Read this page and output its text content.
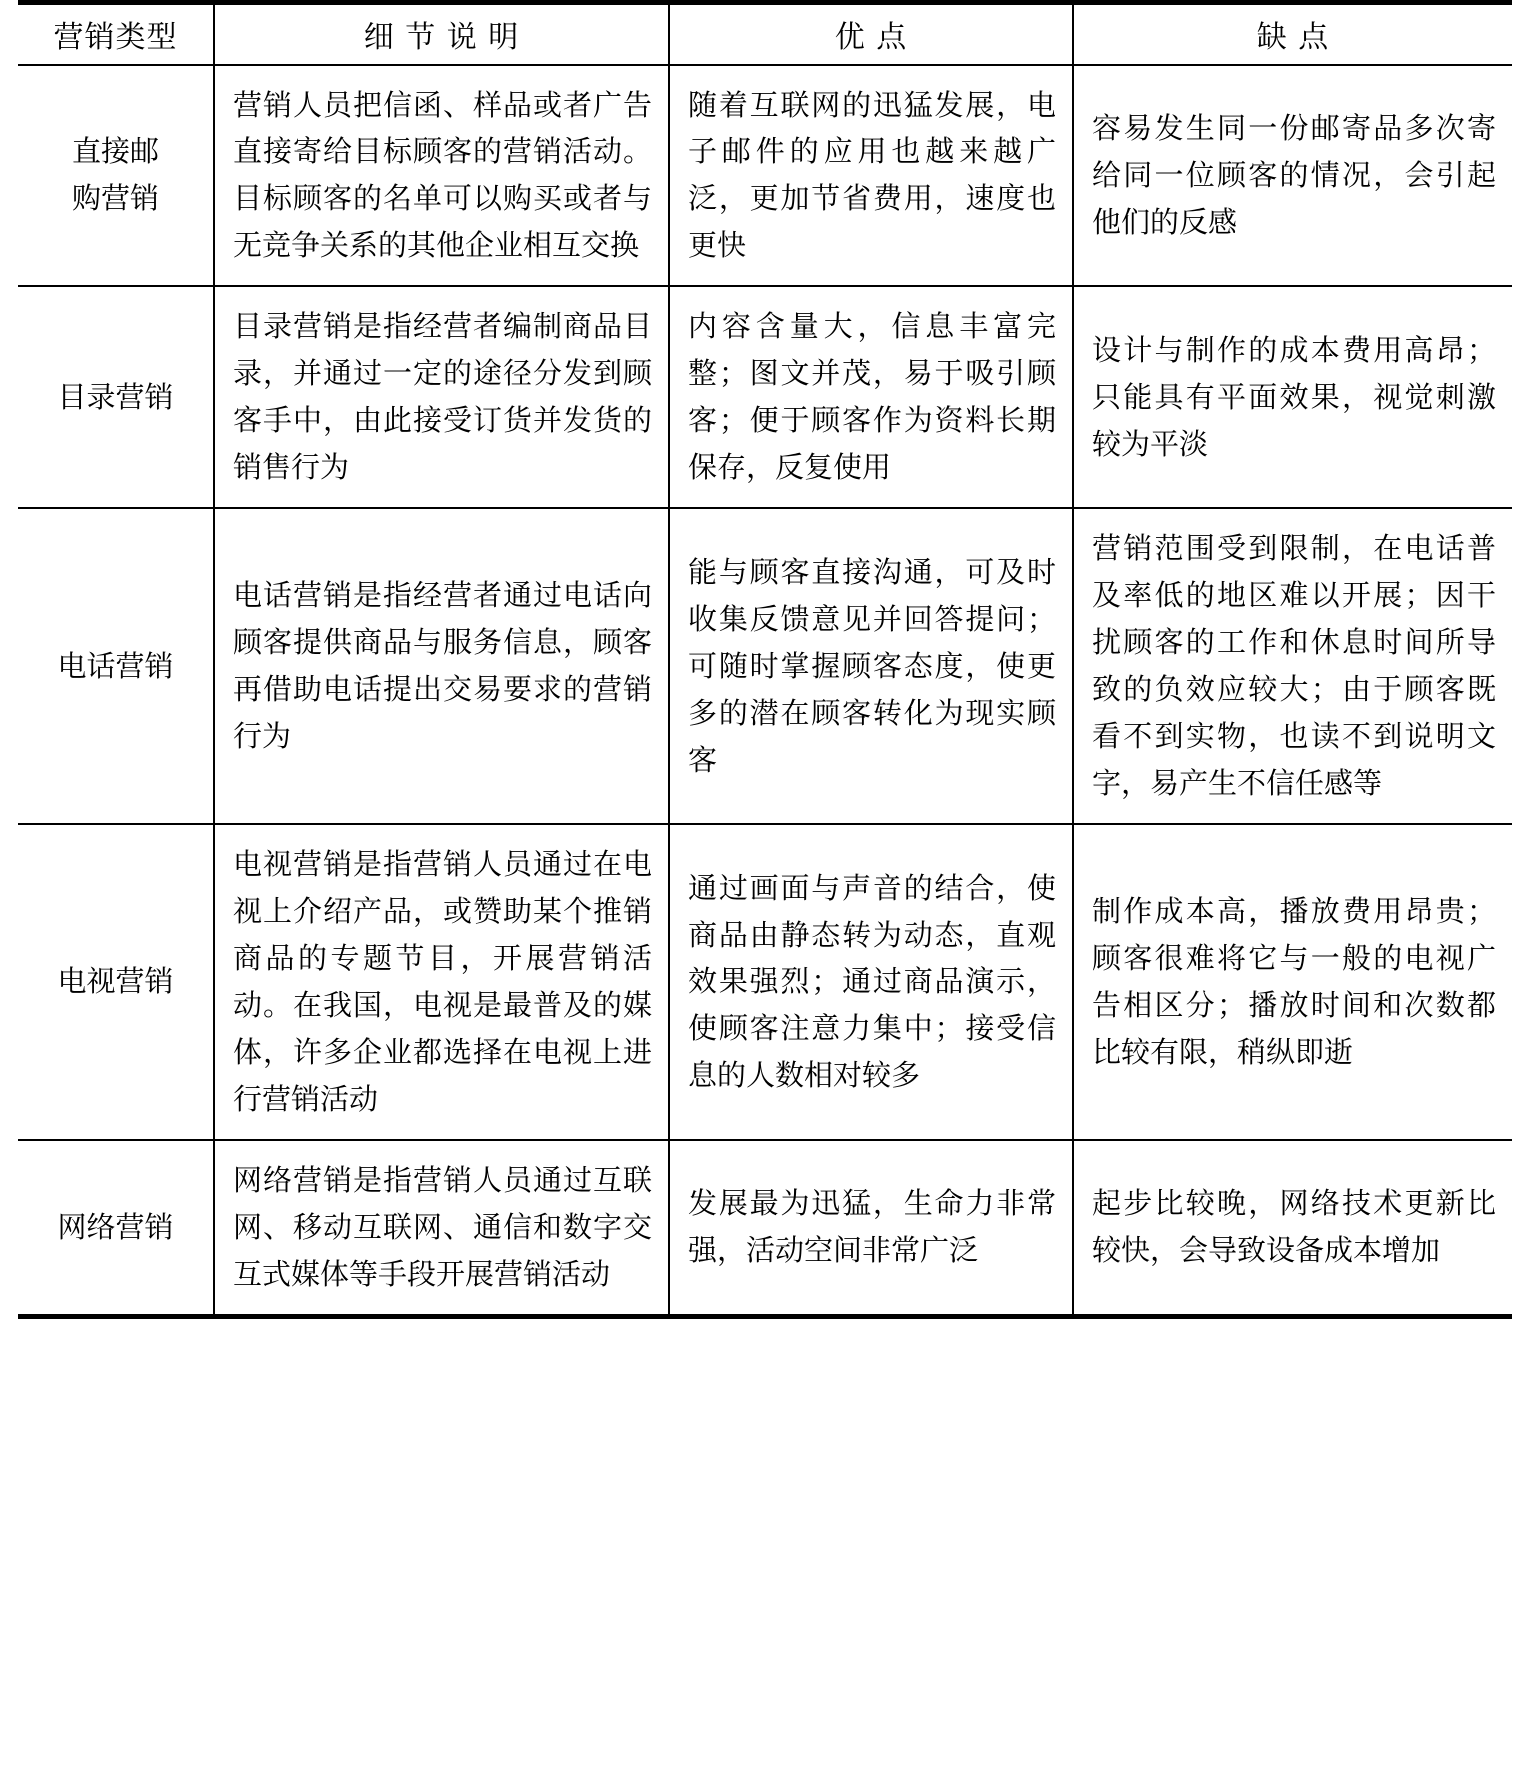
营销类型	细 节 说 明	优 点	缺 点

直接邮
购营销	营销人员把信函、样品或者广告直接寄给目标顾客的营销活动。目标顾客的名单可以购买或者与无竞争关系的其他企业相互交换	随着互联网的迅猛发展，电子邮件的应用也越来越广泛，更加节省费用，速度也更快	容易发生同一份邮寄品多次寄给同一位顾客的情况，会引起他们的反感

目录营销	目录营销是指经营者编制商品目录，并通过一定的途径分发到顾客手中，由此接受订货并发货的销售行为	内容含量大，信息丰富完整；图文并茂，易于吸引顾客；便于顾客作为资料长期保存，反复使用	设计与制作的成本费用高昂；只能具有平面效果，视觉刺激较为平淡

电话营销	电话营销是指经营者通过电话向顾客提供商品与服务信息，顾客再借助电话提出交易要求的营销行为	能与顾客直接沟通，可及时收集反馈意见并回答提问；可随时掌握顾客态度，使更多的潜在顾客转化为现实顾客	营销范围受到限制，在电话普及率低的地区难以开展；因干扰顾客的工作和休息时间所导致的负效应较大；由于顾客既看不到实物，也读不到说明文字，易产生不信任感等

电视营销	电视营销是指营销人员通过在电视上介绍产品，或赞助某个推销商品的专题节目，开展营销活动。在我国，电视是最普及的媒体，许多企业都选择在电视上进行营销活动	通过画面与声音的结合，使商品由静态转为动态，直观效果强烈；通过商品演示，使顾客注意力集中；接受信息的人数相对较多	制作成本高，播放费用昂贵；顾客很难将它与一般的电视广告相区分；播放时间和次数都比较有限，稍纵即逝

网络营销	网络营销是指营销人员通过互联网、移动互联网、通信和数字交互式媒体等手段开展营销活动	发展最为迅猛，生命力非常强，活动空间非常广泛	起步比较晚，网络技术更新比较快，会导致设备成本增加
